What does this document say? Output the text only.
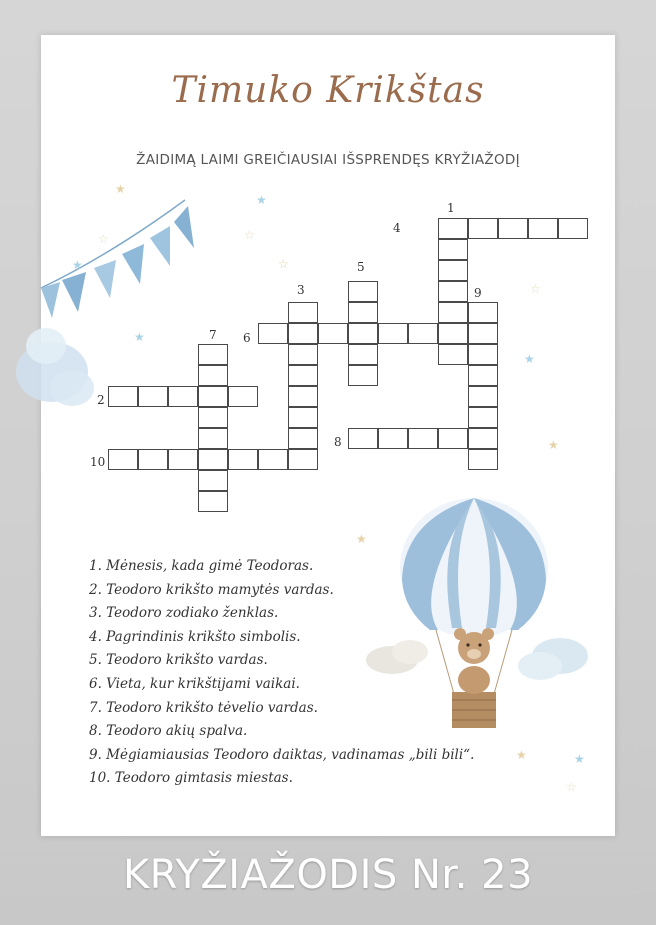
★
☆	☆
★
☆
☆
★
★
★
★
★
☆
★
★
Timuko Krikštas
ŽAIDIMĄ LAIMI GREIČIAUSIAI IŠSPRENDĘS KRYŽIAŽODĮ
1
2
3
4
5
6
7
8
9
10
1. Mėnesis, kada gimė Teodoras.
2. Teodoro krikšto mamytės vardas.
3. Teodoro zodiako ženklas.
4. Pagrindinis krikšto simbolis.
5. Teodoro krikšto vardas.
6. Vieta, kur krikštijami vaikai.
7. Teodoro krikšto tėvelio vardas.
8. Teodoro akių spalva.
9. Mėgiamiausias Teodoro daiktas, vadinamas „bili bili“.
10. Teodoro gimtasis miestas.
KRYŽIAŽODIS Nr. 23
